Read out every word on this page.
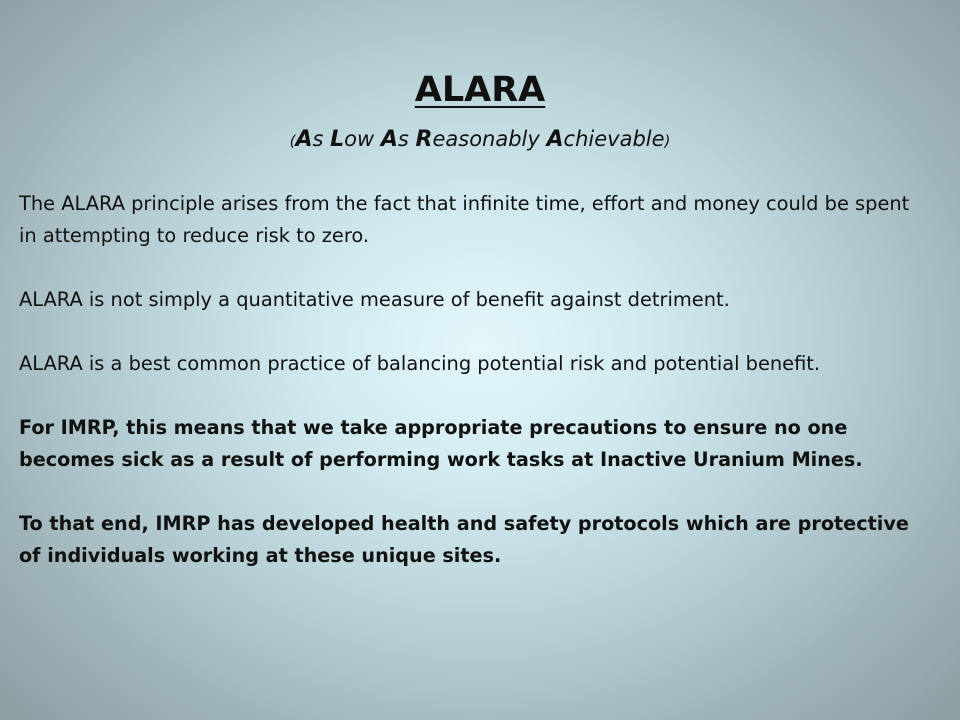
ALARA
(As Low As Reasonably Achievable)

The ALARA principle arises from the fact that infinite time, effort and money could be spent in attempting to reduce risk to zero.

ALARA is not simply a quantitative measure of benefit against detriment.

ALARA is a best common practice of balancing potential risk and potential benefit.

For IMRP, this means that we take appropriate precautions to ensure no one becomes sick as a result of performing work tasks at Inactive Uranium Mines.

To that end, IMRP has developed health and safety protocols which are protective of individuals working at these unique sites.
